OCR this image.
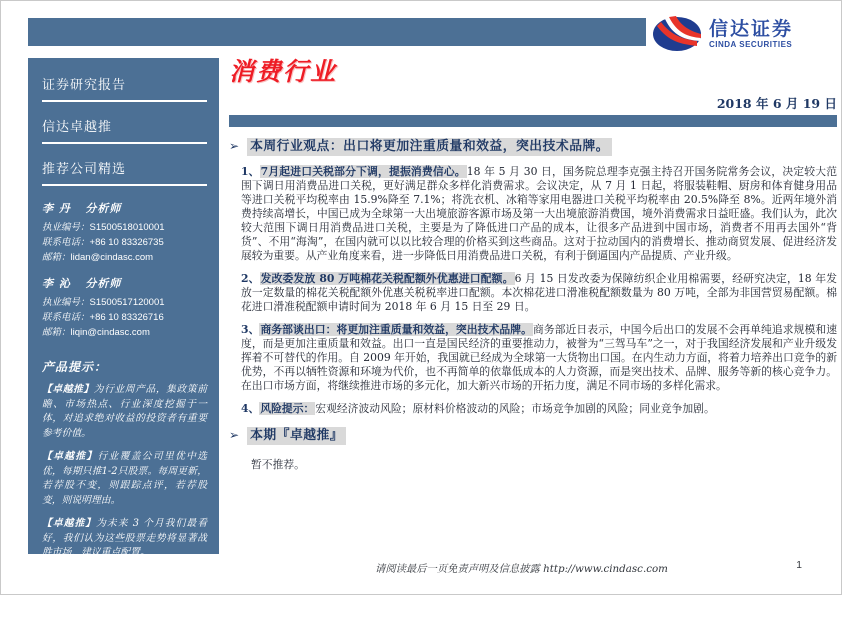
信达证券
CINDA SECURITIES
证券研究报告
信达卓越推
推荐公司精选
李 丹 分析师
执业编号：S1500518010001
联系电话：+86 10 83326735
邮箱：lidan@cindasc.com
李 沁 分析师
执业编号：S1500517120001
联系电话：+86 10 83326716
邮箱：liqin@cindasc.com
产品提示：
【卓越推】为行业周产品，集政策前瞻、市场热点、行业深度挖掘于一体，对追求绝对收益的投资者有重要参考价值。
【卓越推】行业覆盖公司里优中选优，每期只推1-2只股票。每周更新，若荐股不变，则跟踪点评，若荐股变，则说明理由。
【卓越推】为未来 3 个月我们最看好，我们认为这些股票走势将显著战胜市场，建议重点配置。
信达证券股份有限公司
CINDA SECURITIES CO.,LTD
北京市西城区闹市口大街9号院1号楼
邮编： 100031
消费行业
2018 年 6 月 19 日
➢ 本周行业观点：出口将更加注重质量和效益，突出技术品牌。

1、7月起进口关税部分下调，提振消费信心。18 年 5 月 30 日，国务院总理李克强主持召开国务院常务会议，决定较大范围下调日用消费品进口关税，更好满足群众多样化消费需求。会议决定，从 7 月 1 日起，将服装鞋帽、厨房和体育健身用品等进口关税平均税率由 15.9%降至 7.1%；将洗衣机、冰箱等家用电器进口关税平均税率由 20.5%降至 8%。近两年境外消费持续高增长，中国已成为全球第一大出境旅游客源市场及第一大出境旅游消费国，境外消费需求日益旺盛。我们认为，此次较大范围下调日用消费品进口关税，主要是为了降低进口产品的成本，让很多产品进到中国市场，消费者不用再去国外“背货”、不用“海淘”，在国内就可以以比较合理的价格买到这些商品。这对于拉动国内的消费增长、推动商贸发展、促进经济发展较为重要。从产业角度来看，进一步降低日用消费品进口关税，有利于倒逼国内产品提质、产业升级。

2、发改委发放 80 万吨棉花关税配额外优惠进口配额。6 月 15 日发改委为保障纺织企业用棉需要，经研究决定，18 年发放一定数量的棉花关税配额外优惠关税税率进口配额。本次棉花进口滑准税配额数量为 80 万吨，全部为非国营贸易配额。棉花进口滑准税配额申请时间为 2018 年 6 月 15 日至 29 日。

3、商务部谈出口：将更加注重质量和效益，突出技术品牌。商务部近日表示，中国今后出口的发展不会再单纯追求规模和速度，而是更加注重质量和效益。出口一直是国民经济的重要推动力，被誉为“三驾马车”之一，对于我国经济发展和产业升级发挥着不可替代的作用。自 2009 年开始，我国就已经成为全球第一大货物出口国。在内生动力方面，将着力培养出口竞争的新优势，不再以牺牲资源和环境为代价，也不再简单的依靠低成本的人力资源，而是突出技术、品牌、服务等新的核心竞争力。在出口市场方面，将继续推进市场的多元化，加大新兴市场的开拓力度，满足不同市场的多样化需求。

4、风险提示：宏观经济波动风险；原材料价格波动的风险；市场竞争加剧的风险；同业竞争加剧。

➢ 本期『卓越推』

暂不推荐。

请阅读最后一页免责声明及信息披露 http://www.cindasc.com	1
